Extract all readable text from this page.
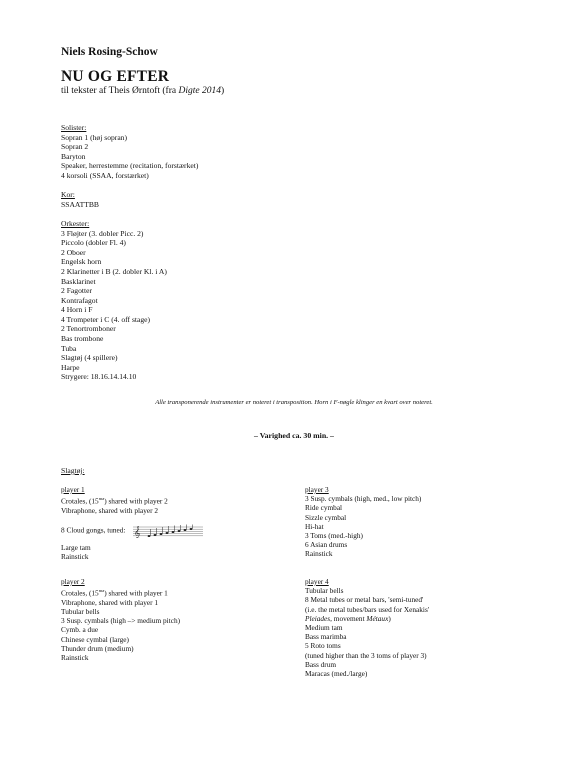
Niels Rosing-Schow
NU OG EFTER
til tekster af Theis Ørntoft (fra Digte 2014)
Solister:
Sopran 1 (høj sopran)
Sopran 2
Baryton
Speaker, herrestemme (recitation, forstærket)
4 korsoli (SSAA, forstærket)
Kor:
SSAATTBB
Orkester:
3 Fløjter (3. dobler Picc. 2)
Piccolo (dobler Fl. 4)
2 Oboer
Engelsk horn
2 Klarinetter i B (2. dobler Kl. i A)
Basklarinet
2 Fagotter
Kontrafagot
4 Horn i F
4 Trompeter i C (4. off stage)
2 Tenortromboner
Bas trombone
Tuba
Slagtøj (4 spillere)
Harpe
Strygere: 18.16.14.14.10
Alle transponerende instrumenter er noteret i transposition. Horn i F-nøgle klinger en kvart over noteret.
– Varighed ca. 30 min. –
Slagtøj:
player 1
Crotales, $(15^{ma})$ shared with player 2
Vibraphone, shared with player 2
8 Cloud gongs, tuned: 𝄞
Large tam
Rainstick
player 2
Crotales, $(15^{ma})$ shared with player 1
Vibraphone, shared with player 1
Tubular bells
3 Susp. cymbals (high –> medium pitch)
Cymb. a due
Chinese cymbal (large)
Thunder drum (medium)
Rainstick
player 3
3 Susp. cymbals (high, med., low pitch)
Ride cymbal
Sizzle cymbal
Hi-hat
3 Toms (med.-high)
6 Asian drums
Rainstick
player 4
Tubular bells
8 Metal tubes or metal bars, 'semi-tuned'
(i.e. the metal tubes/bars used for Xenakis'
Pleiades, movement Métaux)
Medium tam
Bass marimba
5 Roto toms
(tuned higher than the 3 toms of player 3)
Bass drum
Maracas (med./large)
